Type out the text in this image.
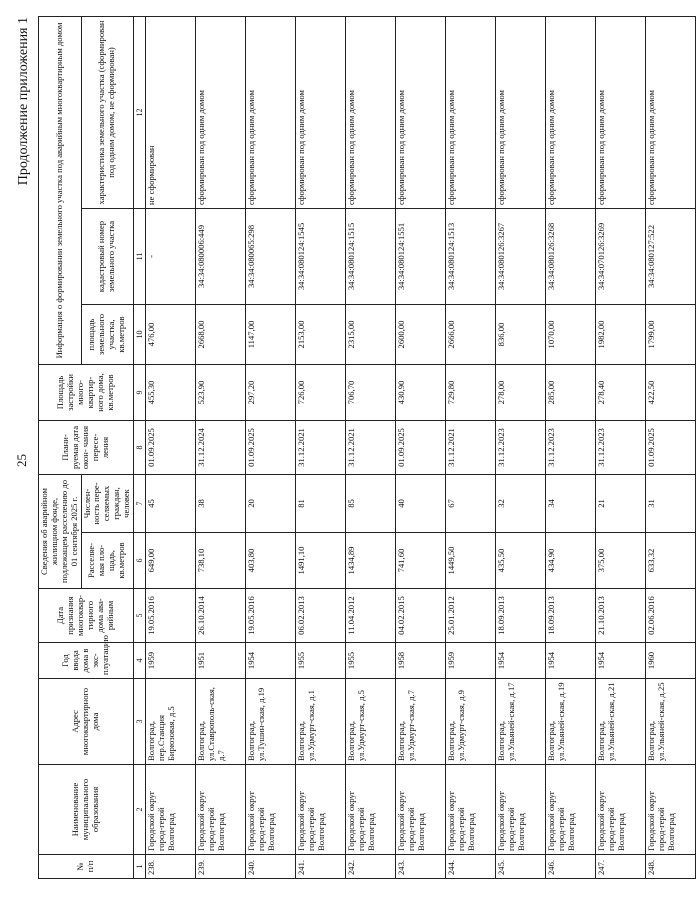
25
Продолжение приложения 1
№ п/п	Наименование муниципального образования	Адрес многоквартирного дома	Год ввода дома в экс- плуатацию	Дата признания многоквар- тирного дома ава- рийным	Сведения об аварийном жилищном фонде, подлежащем расселению до 01 сентября 2025 г.		Плани- руемая дата окон- чания пересе- ления	Площадь застройки много- квартир- ного дома, кв.метров	Информация о формировании земельного участка под аварийным многоквартирным домом		
					Расселяе- мая пло- щадь, кв.метров	Числен- ность пере- селяемых граждан, человек			площадь земельного участка, кв.метров	кадастровый номер земельного участка	характеристика земельного участка (сформирован под одним домом, не сформирован)
1	2	3	4	5	6	7	8	9	10	11	12
238.	Городской округ город-герой Волгоград	Волгоград, пер.Станция Бирюзовая, д.5	1959	19.05.2016	649,00	45	01.09.2025	455,30	476,00	-	не сформирован
239.	Городской округ город-герой Волгоград	Волгоград, ул.Ставрополь-ская, д.7	1951	26.10.2014	738,10	38	31.12.2024	523,90	2668,00	34:34:080006:449	сформирован под одним домом
240.	Городской округ город-герой Волгоград	Волгоград, ул.Тушин-ская, д.19	1954	19.05.2016	403,80	20	01.09.2025	297,20	1147,00	34:34:080065:298	сформирован под одним домом
241.	Городской округ город-герой Волгоград	Волгоград, ул.Удмурт-ская, д.1	1955	06.02.2013	1491,10	81	31.12.2021	726,00	2153,00	34:34:080124:1545	сформирован под одним домом
242.	Городской округ город-герой Волгоград	Волгоград, ул.Удмурт-ская, д.5	1955	11.04.2012	1434,89	85	31.12.2021	706,70	2315,00	34:34:080124:1515	сформирован под одним домом
243.	Городской округ город-герой Волгоград	Волгоград, ул.Удмурт-ская, д.7	1958	04.02.2015	741,60	40	01.09.2025	430,90	2600,00	34:34:080124:1551	сформирован под одним домом
244.	Городской округ город-герой Волгоград	Волгоград, ул.Удмурт-ская, д.9	1959	25.01.2012	1449,50	67	31.12.2021	729,80	2666,00	34:34:080124:1513	сформирован под одним домом
245.	Городской округ город-герой Волгоград	Волгоград, ул.Ульяней-ская, д.17	1954	18.09.2013	435,50	32	31.12.2023	278,00	836,00	34:34:080126:3267	сформирован под одним домом
246.	Городской округ город-герой Волгоград	Волгоград, ул.Ульяней-ская, д.19	1954	18.09.2013	434,90	34	31.12.2023	285,00	1070,00	34:34:080126:3268	сформирован под одним домом
247.	Городской округ город-герой Волгоград	Волгоград, ул.Ульяней-ская, д.21	1954	21.10.2013	375,00	21	31.12.2023	278,40	1982,00	34:34:070126:3269	сформирован под одним домом
248.	Городской округ город-герой Волгоград	Волгоград, ул.Ульяней-ская, д.25	1960	02.06.2016	633,32	31	01.09.2025	422,50	1799,00	34:34:080127:522	сформирован под одним домом
